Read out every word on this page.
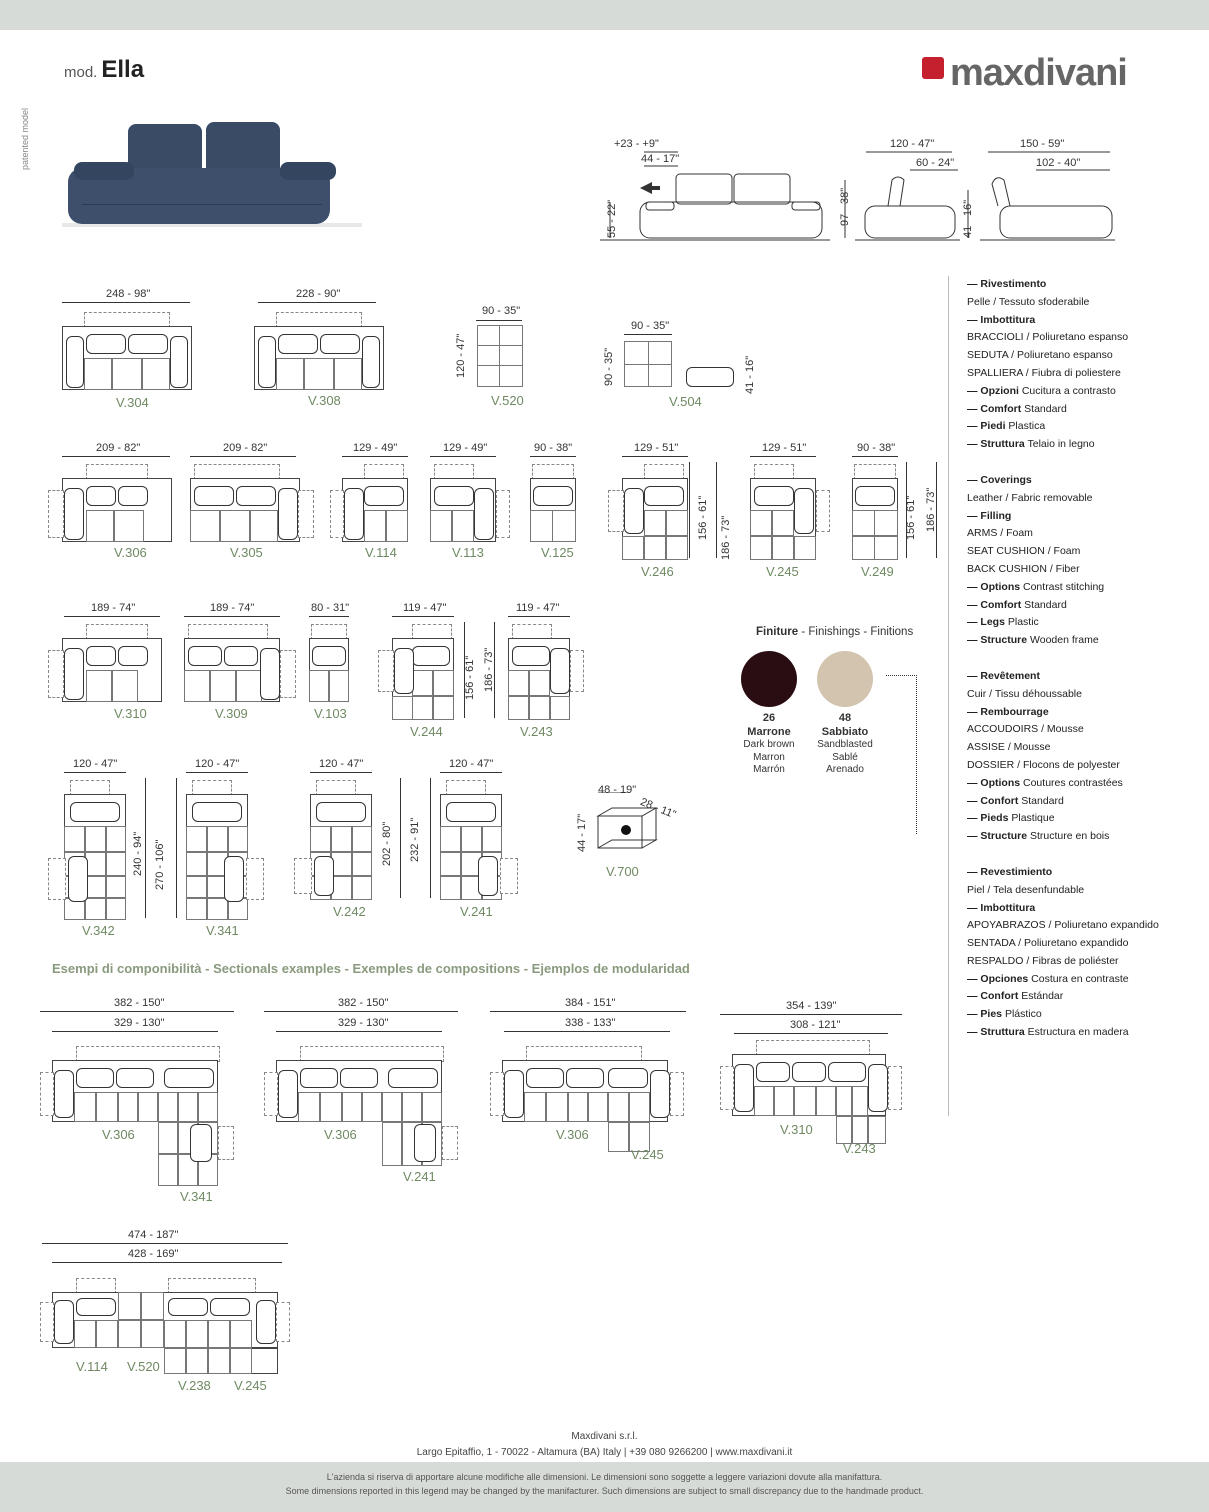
mod. Ella
patented model
maxdivani
+23 - +9"
44 - 17"
55 - 22"
120 - 47"
60 - 24"
97 - 38"
150 - 59"
102 - 40"
41 - 16"
248 - 98"
V.304
228 - 90"
V.308
90 - 35"
120 - 47"
V.520
90 - 35"
90 - 35"	41 - 16"
V.504
209 - 82"
V.306
209 - 82"
V.305
129 - 49"
V.114
129 - 49"
V.113
90 - 38"
V.125
129 - 51"
156 - 61" 186 - 73"
V.246
129 - 51"
V.245
90 - 38"
156 - 61" 186 - 73"
V.249
189 - 74"
V.310
189 - 74"
V.309
80 - 31"
V.103
119 - 47"
156 - 61" 186 - 73"
V.244
119 - 47"
V.243
Finiture - Finishings - Finitions
26
Marrone
Dark brown
Marron
Marrón
48
Sabbiato
Sandblasted
Sablé
Arenado
120 - 47"
240 - 94" 270 - 106"
V.342
120 - 47"
V.341
120 - 47"
202 - 80" 232 - 91"
V.242
120 - 47"
V.241
48 - 19"
28 - 11"
44 - 17"
V.700
— Rivestimento
Pelle / Tessuto sfoderabile
— Imbottitura
BRACCIOLI / Poliuretano espanso
SEDUTA / Poliuretano espanso
SPALLIERA / Fiubra di poliestere
— Opzioni Cucitura a contrasto
— Comfort Standard
— Piedi Plastica
— Struttura Telaio in legno
— Coverings
Leather / Fabric removable
— Filling
ARMS / Foam
SEAT CUSHION / Foam
BACK CUSHION / Fiber
— Options Contrast stitching
— Comfort Standard
— Legs Plastic
— Structure Wooden frame
— Revêtement
Cuir / Tissu déhoussable
— Rembourrage
ACCOUDOIRS / Mousse
ASSISE / Mousse
DOSSIER / Flocons de polyester
— Options Coutures contrastées
— Confort Standard
— Pieds Plastique
— Structure Structure en bois
— Revestimiento
Piel / Tela desenfundable
— Imbottitura
APOYABRAZOS / Poliuretano expandido
SENTADA / Poliuretano expandido
RESPALDO / Fibras de poliéster
— Opciones Costura en contraste
— Confort Estándar
— Pies Plástico
— Struttura Estructura en madera
Esempi di componibilità - Sectionals examples - Exemples de compositions - Ejemplos de modularidad
382 - 150"
329 - 130"
V.306
V.341
382 - 150"
329 - 130"
V.306
V.241
384 - 151"
338 - 133"
V.306
V.245
354 - 139"
308 - 121"
V.310
V.243
474 - 187"
428 - 169"
V.114 V.520
V.238 V.245
Maxdivani s.r.l.
Largo Epitaffio, 1 - 70022 - Altamura (BA) Italy | +39 080 9266200 | www.maxdivani.it
L'azienda si riserva di apportare alcune modifiche alle dimensioni. Le dimensioni sono soggette a leggere variazioni dovute alla manifattura.
Some dimensions reported in this legend may be changed by the manifacturer. Such dimensions are subject to small discrepancy due to the handmade product.
